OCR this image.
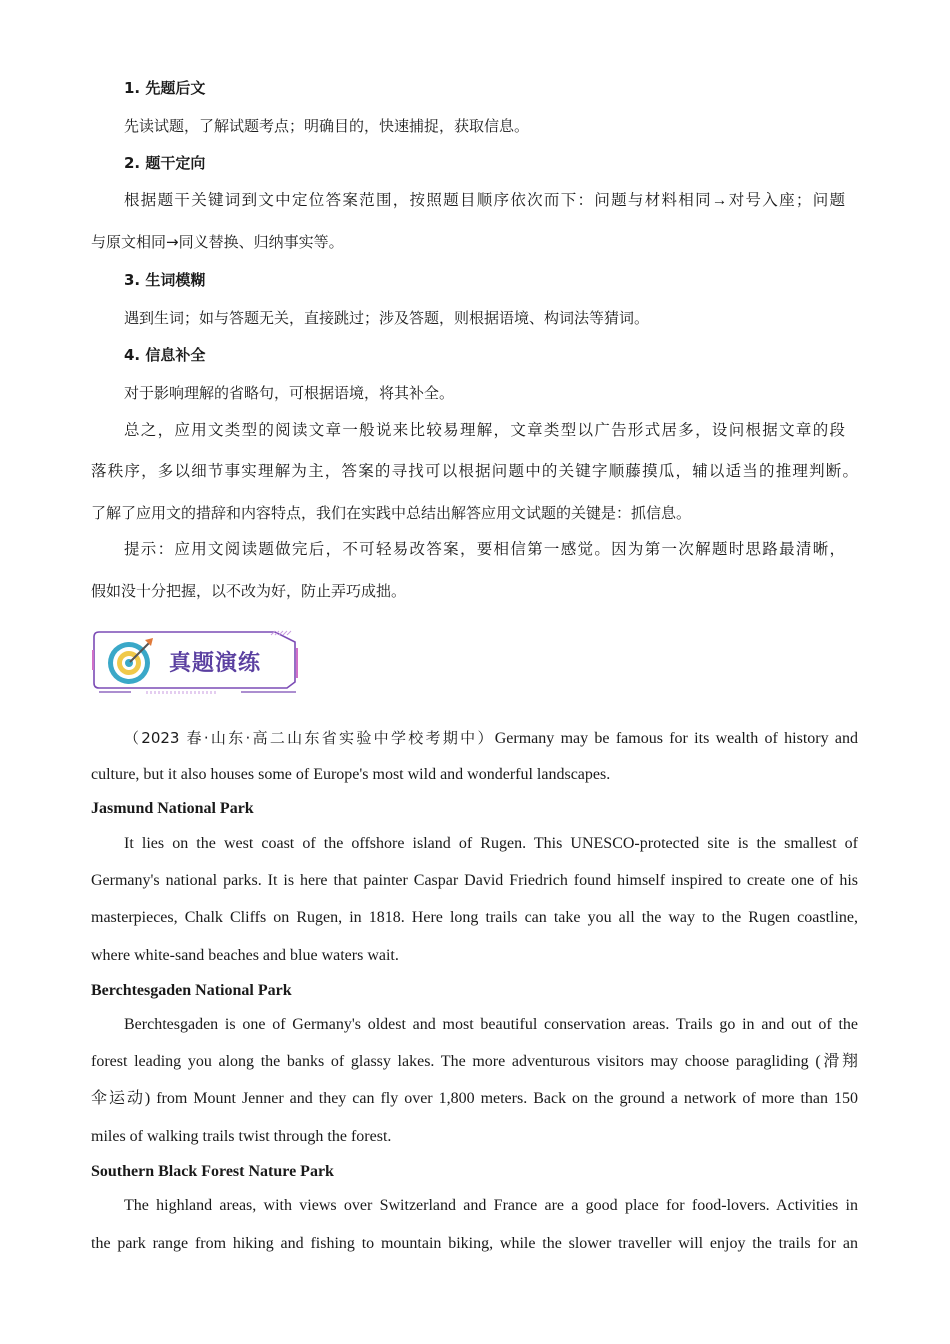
1. 先题后文
先读试题，了解试题考点；明确目的，快速捕捉，获取信息。
2. 题干定向
根据题干关键词到文中定位答案范围，按照题目顺序依次而下：问题与材料相同→对号入座；问题
与原文相同→同义替换、归纳事实等。
3. 生词模糊
遇到生词；如与答题无关，直接跳过；涉及答题，则根据语境、构词法等猜词。
4. 信息补全
对于影响理解的省略句，可根据语境，将其补全。
总之，应用文类型的阅读文章一般说来比较易理解，文章类型以广告形式居多，设问根据文章的段
落秩序，多以细节事实理解为主，答案的寻找可以根据问题中的关键字顺藤摸瓜，辅以适当的推理判断。
了解了应用文的措辞和内容特点，我们在实践中总结出解答应用文试题的关键是：抓信息。
提示：应用文阅读题做完后，不可轻易改答案，要相信第一感觉。因为第一次解题时思路最清晰，
假如没十分把握，以不改为好，防止弄巧成拙。
真题演练
（2023 春·山东·高二山东省实验中学校考期中）Germany may be famous for its wealth of history and
culture, but it also houses some of Europe's most wild and wonderful landscapes.
Jasmund National Park
It lies on the west coast of the offshore island of Rugen. This UNESCO-protected site is the smallest of
Germany's national parks. It is here that painter Caspar David Friedrich found himself inspired to create one of his
masterpieces, Chalk Cliffs on Rugen, in 1818. Here long trails can take you all the way to the Rugen coastline,
where white-sand beaches and blue waters wait.
Berchtesgaden National Park
Berchtesgaden is one of Germany's oldest and most beautiful conservation areas. Trails go in and out of the
forest leading you along the banks of glassy lakes. The more adventurous visitors may choose paragliding (滑翔
伞运动) from Mount Jenner and they can fly over 1,800 meters. Back on the ground a network of more than 150
miles of walking trails twist through the forest.
Southern Black Forest Nature Park
The highland areas, with views over Switzerland and France are a good place for food-lovers. Activities in
the park range from hiking and fishing to mountain biking, while the slower traveller will enjoy the trails for an
